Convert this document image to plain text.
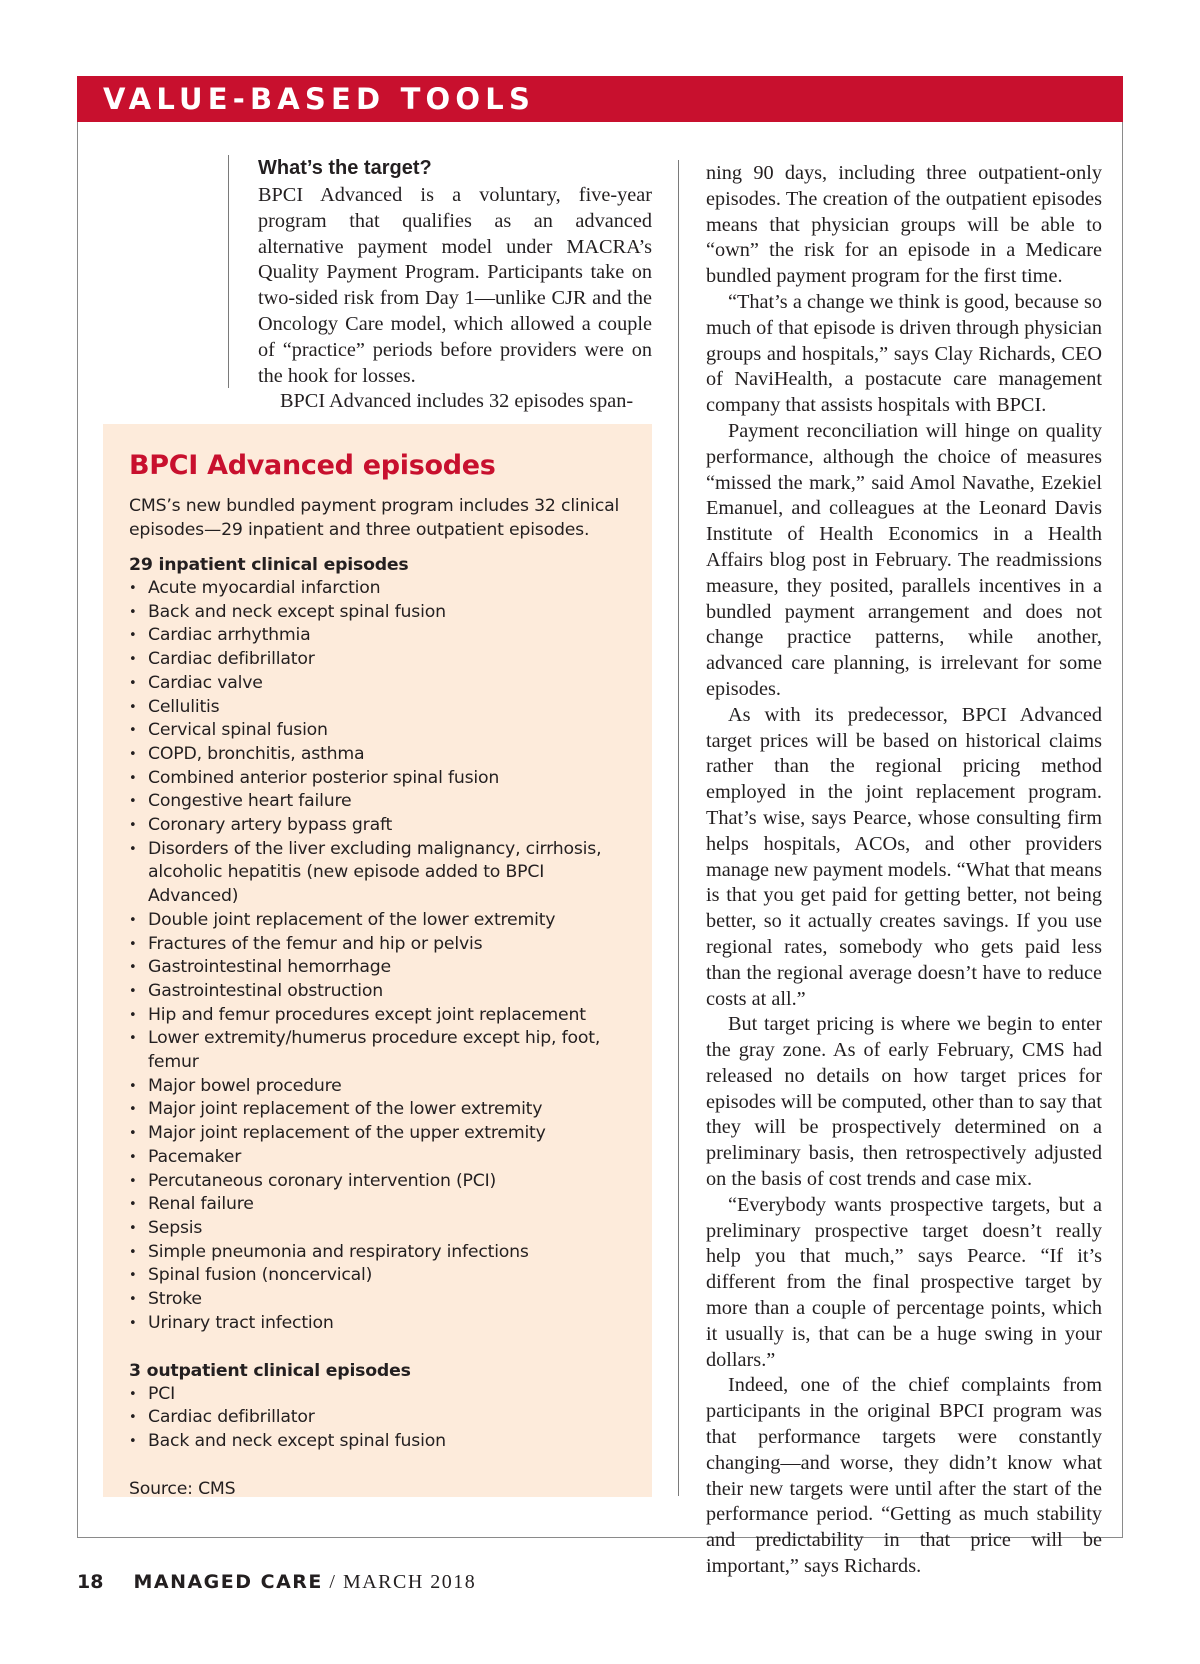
VALUE-BASED TOOLS
What’s the target?

BPCI Advanced is a voluntary, five-year program that qualifies as an advanced alternative payment model under MACRA’s Quality Payment Program. Participants take on two-sided risk from Day 1—unlike CJR and the Oncology Care model, which allowed a couple of “practice” periods before providers were on the hook for losses.

BPCI Advanced includes 32 episodes span-

BPCI Advanced episodes
CMS’s new bundled payment program includes 32 clinical episodes—29 inpatient and three outpatient episodes.
29 inpatient clinical episodes
• Acute myocardial infarction
• Back and neck except spinal fusion
• Cardiac arrhythmia
• Cardiac defibrillator
• Cardiac valve
• Cellulitis
• Cervical spinal fusion
• COPD, bronchitis, asthma
• Combined anterior posterior spinal fusion
• Congestive heart failure
• Coronary artery bypass graft
• Disorders of the liver excluding malignancy, cirrhosis, alcoholic hepatitis (new episode added to BPCI Advanced)
• Double joint replacement of the lower extremity
• Fractures of the femur and hip or pelvis
• Gastrointestinal hemorrhage
• Gastrointestinal obstruction
• Hip and femur procedures except joint replacement
• Lower extremity/humerus procedure except hip, foot, femur
• Major bowel procedure
• Major joint replacement of the lower extremity
• Major joint replacement of the upper extremity
• Pacemaker
• Percutaneous coronary intervention (PCI)
• Renal failure
• Sepsis
• Simple pneumonia and respiratory infections
• Spinal fusion (noncervical)
• Stroke
• Urinary tract infection
3 outpatient clinical episodes
• PCI
• Cardiac defibrillator
• Back and neck except spinal fusion
Source: CMS

ning 90 days, including three outpatient-only episodes. The creation of the outpatient episodes means that physician groups will be able to “own” the risk for an episode in a Medicare bundled payment program for the first time.

“That’s a change we think is good, because so much of that episode is driven through physician groups and hospitals,” says Clay Richards, CEO of NaviHealth, a postacute care management company that assists hospitals with BPCI.

Payment reconciliation will hinge on quality performance, although the choice of measures “missed the mark,” said Amol Navathe, Ezekiel Emanuel, and colleagues at the Leonard Davis Institute of Health Economics in a Health Affairs blog post in February. The readmissions measure, they posited, parallels incentives in a bundled payment arrangement and does not change practice patterns, while another, advanced care planning, is irrelevant for some episodes.

As with its predecessor, BPCI Advanced target prices will be based on historical claims rather than the regional pricing method employed in the joint replacement program. That’s wise, says Pearce, whose consulting firm helps hospitals, ACOs, and other providers manage new payment models. “What that means is that you get paid for getting better, not being better, so it actually creates savings. If you use regional rates, somebody who gets paid less than the regional average doesn’t have to reduce costs at all.”

But target pricing is where we begin to enter the gray zone. As of early February, CMS had released no details on how target prices for episodes will be computed, other than to say that they will be prospectively determined on a preliminary basis, then retrospectively adjusted on the basis of cost trends and case mix.

“Everybody wants prospective targets, but a preliminary prospective target doesn’t really help you that much,” says Pearce. “If it’s different from the final prospective target by more than a couple of percentage points, which it usually is, that can be a huge swing in your dollars.”

Indeed, one of the chief complaints from participants in the original BPCI program was that performance targets were constantly changing—and worse, they didn’t know what their new targets were until after the start of the performance period. “Getting as much stability and predictability in that price will be important,” says Richards.

18 MANAGED CARE / MARCH 2018
